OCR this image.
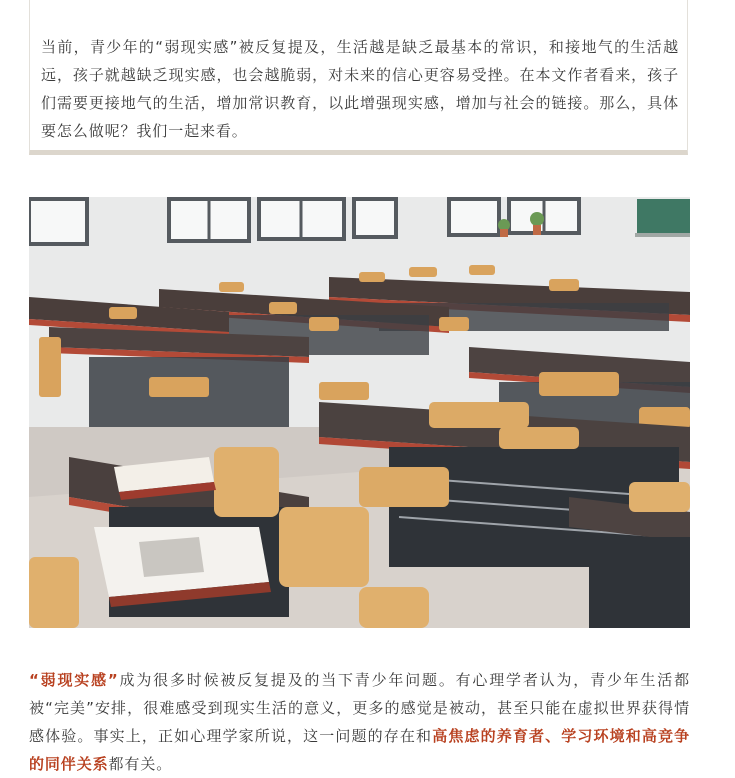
当前，青少年的“弱现实感”被反复提及，生活越是缺乏最基本的常识，和接地气的生活越远，孩子就越缺乏现实感，也会越脆弱，对未来的信心更容易受挫。在本文作者看来，孩子们需要更接地气的生活，增加常识教育，以此增强现实感，增加与社会的链接。那么，具体要怎么做呢？我们一起来看。

“弱现实感”成为很多时候被反复提及的当下青少年问题。有心理学者认为，青少年生活都被“完美”安排，很难感受到现实生活的意义，更多的感觉是被动，甚至只能在虚拟世界获得情感体验。事实上，正如心理学家所说，这一问题的存在和高焦虑的养育者、学习环境和高竞争的同伴关系都有关。
